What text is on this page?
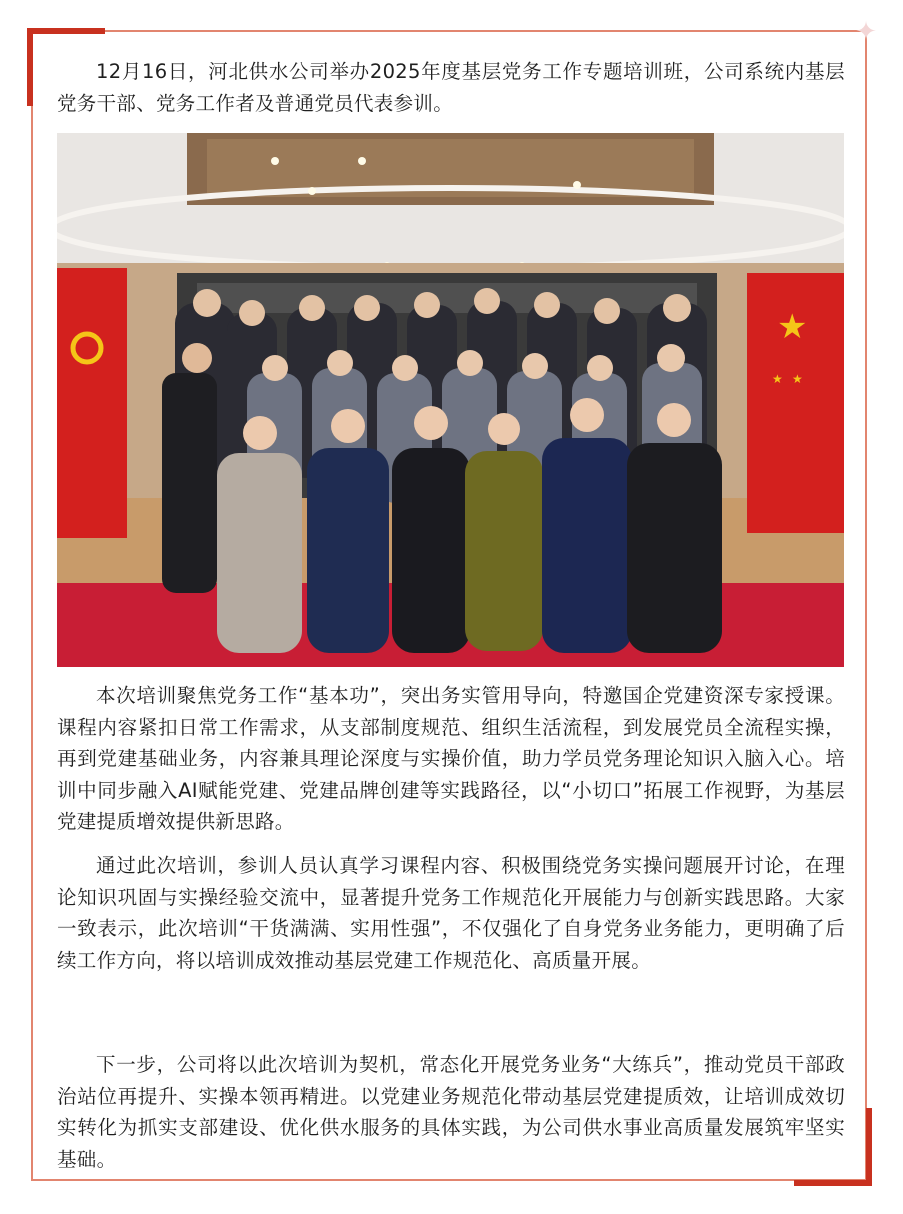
✦

12月16日，河北供水公司举办2025年度基层党务工作专题培训班，公司系统内基层党务干部、党务工作者及普通党员代表参训。

★
★ ★

本次培训聚焦党务工作“基本功”，突出务实管用导向，特邀国企党建资深专家授课。课程内容紧扣日常工作需求，从支部制度规范、组织生活流程，到发展党员全流程实操，再到党建基础业务，内容兼具理论深度与实操价值，助力学员党务理论知识入脑入心。培训中同步融入AI赋能党建、党建品牌创建等实践路径，以“小切口”拓展工作视野，为基层党建提质增效提供新思路。

通过此次培训，参训人员认真学习课程内容、积极围绕党务实操问题展开讨论，在理论知识巩固与实操经验交流中，显著提升党务工作规范化开展能力与创新实践思路。大家一致表示，此次培训“干货满满、实用性强”，不仅强化了自身党务业务能力，更明确了后续工作方向，将以培训成效推动基层党建工作规范化、高质量开展。

下一步，公司将以此次培训为契机，常态化开展党务业务“大练兵”，推动党员干部政治站位再提升、实操本领再精进。以党建业务规范化带动基层党建提质效，让培训成效切实转化为抓实支部建设、优化供水服务的具体实践，为公司供水事业高质量发展筑牢坚实基础。
